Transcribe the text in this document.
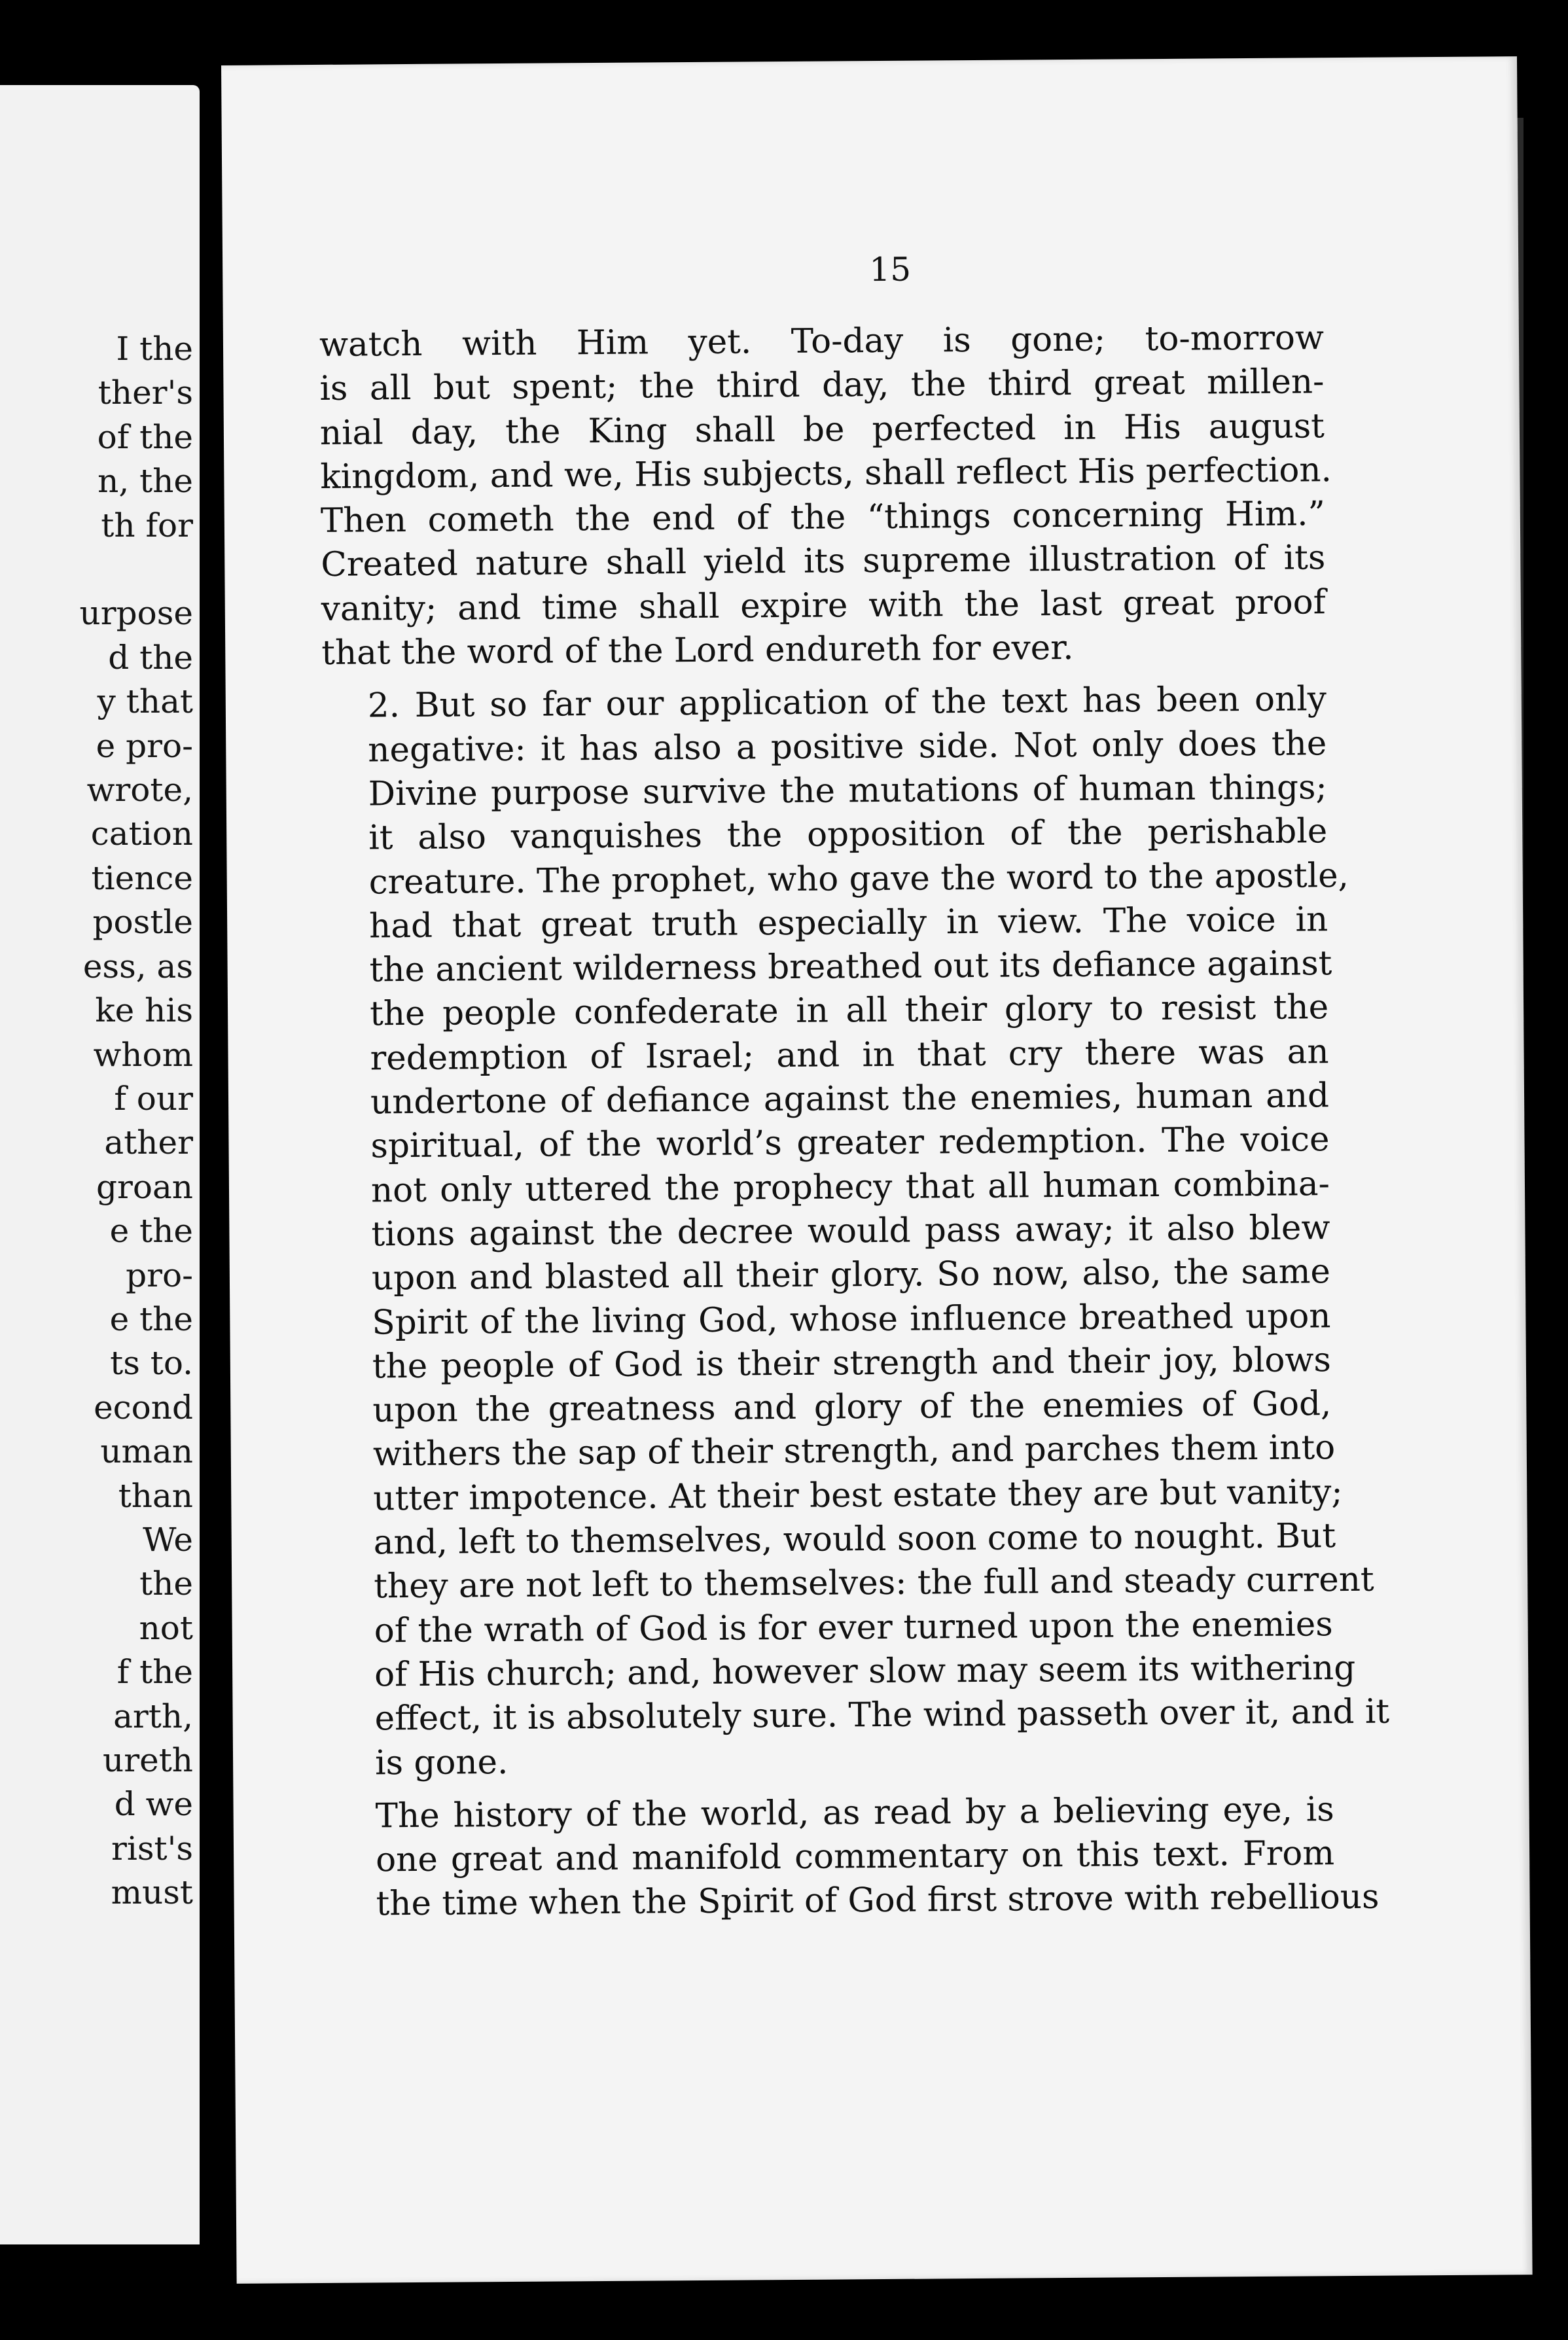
I the
ther's
of the
n, the
th for

urpose
d the
y that
e pro-
wrote,
cation
tience
postle
ess, as
ke his
whom
f our
ather
groan
e the
pro-
e the
ts to.
econd
uman
than
We
the
not
f the
arth,
ureth
d we
rist's
must
15

watch with Him yet. To-day is gone; to-morrow
is all but spent; the third day, the third great millen-
nial day, the King shall be perfected in His august
kingdom, and we, His subjects, shall reflect His perfection.
Then cometh the end of the “things concerning Him.”
Created nature shall yield its supreme illustration of its
vanity; and time shall expire with the last great proof
that the word of the Lord endureth for ever.

2. But so far our application of the text has been only
negative: it has also a positive side. Not only does the
Divine purpose survive the mutations of human things;
it also vanquishes the opposition of the perishable
creature. The prophet, who gave the word to the apostle,
had that great truth especially in view. The voice in
the ancient wilderness breathed out its defiance against
the people confederate in all their glory to resist the
redemption of Israel; and in that cry there was an
undertone of defiance against the enemies, human and
spiritual, of the world’s greater redemption. The voice
not only uttered the prophecy that all human combina-
tions against the decree would pass away; it also blew
upon and blasted all their glory. So now, also, the same
Spirit of the living God, whose influence breathed upon
the people of God is their strength and their joy, blows
upon the greatness and glory of the enemies of God,
withers the sap of their strength, and parches them into
utter impotence. At their best estate they are but vanity;
and, left to themselves, would soon come to nought. But
they are not left to themselves: the full and steady current
of the wrath of God is for ever turned upon the enemies
of His church; and, however slow may seem its withering
effect, it is absolutely sure. The wind passeth over it, and it
is gone.

The history of the world, as read by a believing eye, is
one great and manifold commentary on this text. From
the time when the Spirit of God first strove with rebellious
